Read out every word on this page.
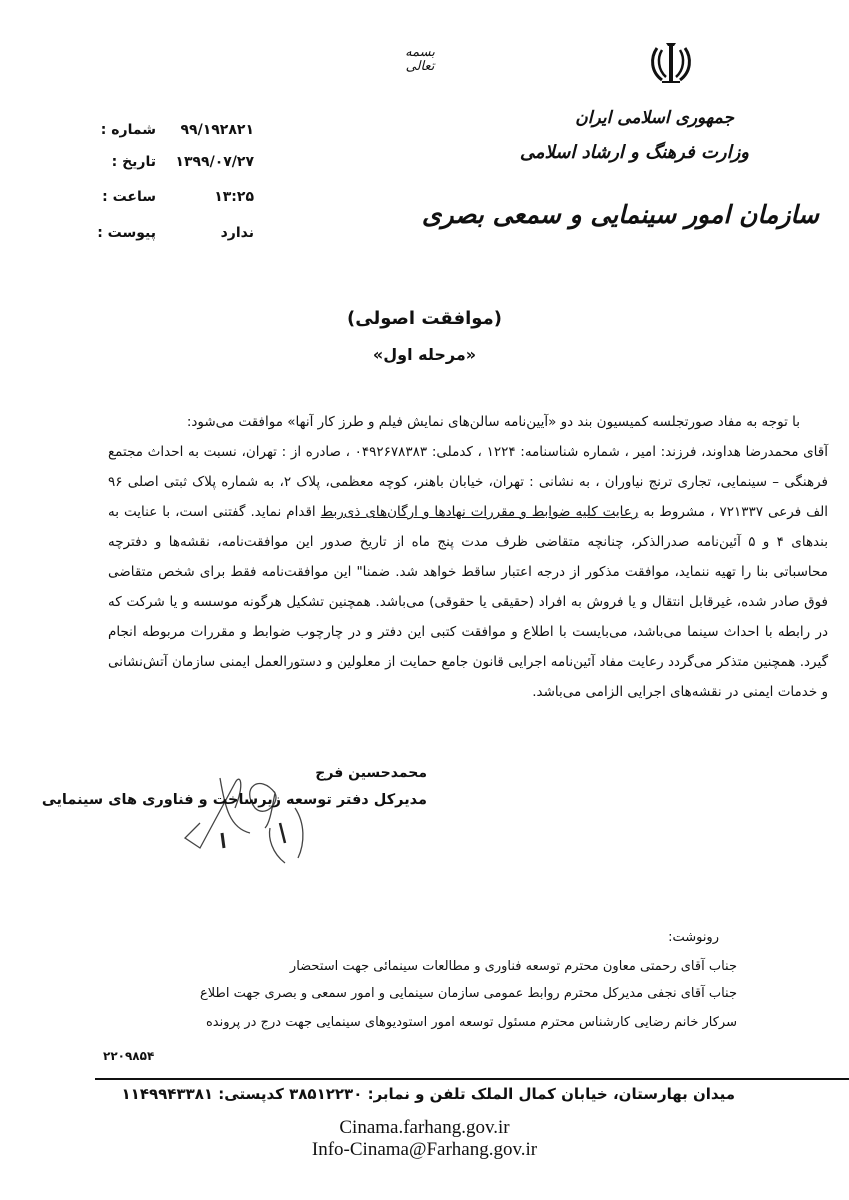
جمهوری اسلامی ایران
وزارت فرهنگ و ارشاد اسلامی
سازمان امور سینمایی و سمعی بصری
بسمه تعالی
شماره : ۹۹/۱۹۲۸۲۱
تاریخ : ۱۳۹۹/۰۷/۲۷
ساعت :	۱۳:۲۵
پیوست :	ندارد
(موافقت اصولی)
«مرحله اول»

با توجه به مفاد صورتجلسه کمیسیون بند دو «آیین‌نامه سالن‌های نمایش فیلم و طرز کار آنها» موافقت می‌شود:

آقای محمدرضا هداوند، فرزند: امیر ، شماره شناسنامه: ۱۲۲۴ ، کدملی: ۰۴۹۲۶۷۸۳۸۳ ، صادره از : تهران، نسبت به احداث مجتمع فرهنگی – سینمایی، تجاری ترنج نیاوران ، به نشانی : تهران، خیابان باهنر، کوچه معظمی، پلاک ۲، به شماره پلاک ثبتی اصلی ۹۶ الف فرعی ۷۲۱۳۳۷ ، مشروط به رعایت کلیه ضوابط و مقررات نهادها و ارگان‌های ذی‌ربط اقدام نماید. گفتنی است، با عنایت به بندهای ۴ و ۵ آئین‌نامه صدرالذکر، چنانچه متقاضی ظرف مدت پنج ماه از تاریخ صدور این موافقت‌نامه، نقشه‌ها و دفترچه محاسباتی بنا را تهیه ننماید، موافقت مذکور از درجه اعتبار ساقط خواهد شد. ضمنا" این موافقت‌نامه فقط برای شخص متقاضی فوق صادر شده، غیرقابل انتقال و یا فروش به افراد (حقیقی یا حقوقی) می‌باشد. همچنین تشکیل هرگونه موسسه و یا شرکت که در رابطه با احداث سینما می‌باشد، می‌بایست با اطلاع و موافقت کتبی این دفتر و در چارچوب ضوابط و مقررات مربوطه انجام گیرد. همچنین متذکر می‌گردد رعایت مفاد آئین‌نامه اجرایی قانون جامع حمایت از معلولین و دستورالعمل ایمنی سازمان آتش‌نشانی و خدمات ایمنی در نقشه‌های اجرایی الزامی می‌باشد.

محمدحسین فرج
مدیرکل دفتر توسعه زیرساخت و فناوری های سینمایی
رونوشت:
جناب آقای رحمتی معاون محترم توسعه فناوری و مطالعات سینمائی جهت استحضار
جناب آقای نجفی مدیرکل محترم روابط عمومی سازمان سینمایی و امور سمعی و بصری جهت اطلاع
سرکار خانم رضایی کارشناس محترم مسئول توسعه امور استودیوهای سینمایی جهت درج در پرونده
۲۲۰۹۸۵۴
میدان بهارستان، خیابان کمال الملک تلفن و نمابر: ۳۸۵۱۲۲۳۰ کدپستی: ۱۱۴۹۹۴۳۳۸۱
Cinama.farhang.gov.ir
Info-Cinama@Farhang.gov.ir
